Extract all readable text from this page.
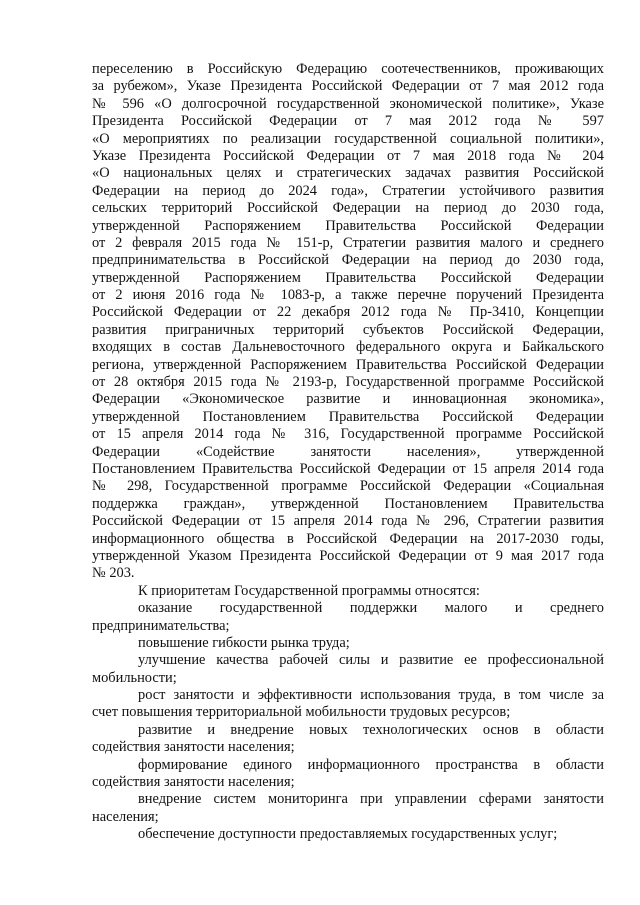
переселению в Российскую Федерацию соотечественников, проживающих
за рубежом», Указе Президента Российской Федерации от 7 мая 2012 года
№ 596 «О долгосрочной государственной экономической политике», Указе
Президента Российской Федерации от 7 мая 2012 года № 597
«О мероприятиях по реализации государственной социальной политики»,
Указе Президента Российской Федерации от 7 мая 2018 года № 204
«О национальных целях и стратегических задачах развития Российской
Федерации на период до 2024 года», Стратегии устойчивого развития
сельских территорий Российской Федерации на период до 2030 года,
утвержденной Распоряжением Правительства Российской Федерации
от 2 февраля 2015 года № 151-р, Стратегии развития малого и среднего
предпринимательства в Российской Федерации на период до 2030 года,
утвержденной Распоряжением Правительства Российской Федерации
от 2 июня 2016 года № 1083-р, а также перечне поручений Президента
Российской Федерации от 22 декабря 2012 года № Пр-3410, Концепции
развития приграничных территорий субъектов Российской Федерации,
входящих в состав Дальневосточного федерального округа и Байкальского
региона, утвержденной Распоряжением Правительства Российской Федерации
от 28 октября 2015 года № 2193-р, Государственной программе Российской
Федерации «Экономическое развитие и инновационная экономика»,
утвержденной Постановлением Правительства Российской Федерации
от 15 апреля 2014 года № 316, Государственной программе Российской
Федерации «Содействие занятости населения», утвержденной
Постановлением Правительства Российской Федерации от 15 апреля 2014 года
№ 298, Государственной программе Российской Федерации «Социальная
поддержка граждан», утвержденной Постановлением Правительства
Российской Федерации от 15 апреля 2014 года № 296, Стратегии развития
информационного общества в Российской Федерации на 2017-2030 годы,
утвержденной Указом Президента Российской Федерации от 9 мая 2017 года
№ 203.
К приоритетам Государственной программы относятся:
оказание государственной поддержки малого и среднего
предпринимательства;
повышение гибкости рынка труда;
улучшение качества рабочей силы и развитие ее профессиональной
мобильности;
рост занятости и эффективности использования труда, в том числе за
счет повышения территориальной мобильности трудовых ресурсов;
развитие и внедрение новых технологических основ в области
содействия занятости населения;
формирование единого информационного пространства в области
содействия занятости населения;
внедрение систем мониторинга при управлении сферами занятости
населения;
обеспечение доступности предоставляемых государственных услуг;
